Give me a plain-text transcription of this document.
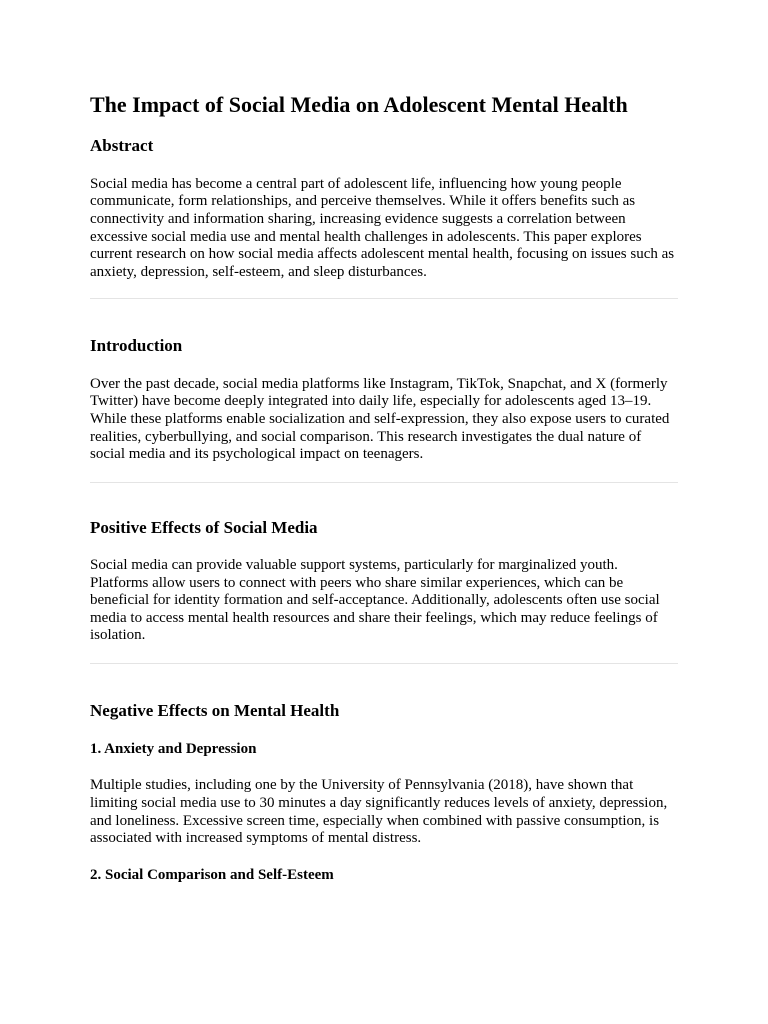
The Impact of Social Media on Adolescent Mental Health
Abstract

Social media has become a central part of adolescent life, influencing how young people communicate, form relationships, and perceive themselves. While it offers benefits such as connectivity and information sharing, increasing evidence suggests a correlation between excessive social media use and mental health challenges in adolescents. This paper explores current research on how social media affects adolescent mental health, focusing on issues such as anxiety, depression, self-esteem, and sleep disturbances.

Introduction

Over the past decade, social media platforms like Instagram, TikTok, Snapchat, and X (formerly Twitter) have become deeply integrated into daily life, especially for adolescents aged 13–19. While these platforms enable socialization and self-expression, they also expose users to curated realities, cyberbullying, and social comparison. This research investigates the dual nature of social media and its psychological impact on teenagers.

Positive Effects of Social Media

Social media can provide valuable support systems, particularly for marginalized youth. Platforms allow users to connect with peers who share similar experiences, which can be beneficial for identity formation and self-acceptance. Additionally, adolescents often use social media to access mental health resources and share their feelings, which may reduce feelings of isolation.

Negative Effects on Mental Health
1. Anxiety and Depression

Multiple studies, including one by the University of Pennsylvania (2018), have shown that limiting social media use to 30 minutes a day significantly reduces levels of anxiety, depression, and loneliness. Excessive screen time, especially when combined with passive consumption, is associated with increased symptoms of mental distress.

2. Social Comparison and Self-Esteem
